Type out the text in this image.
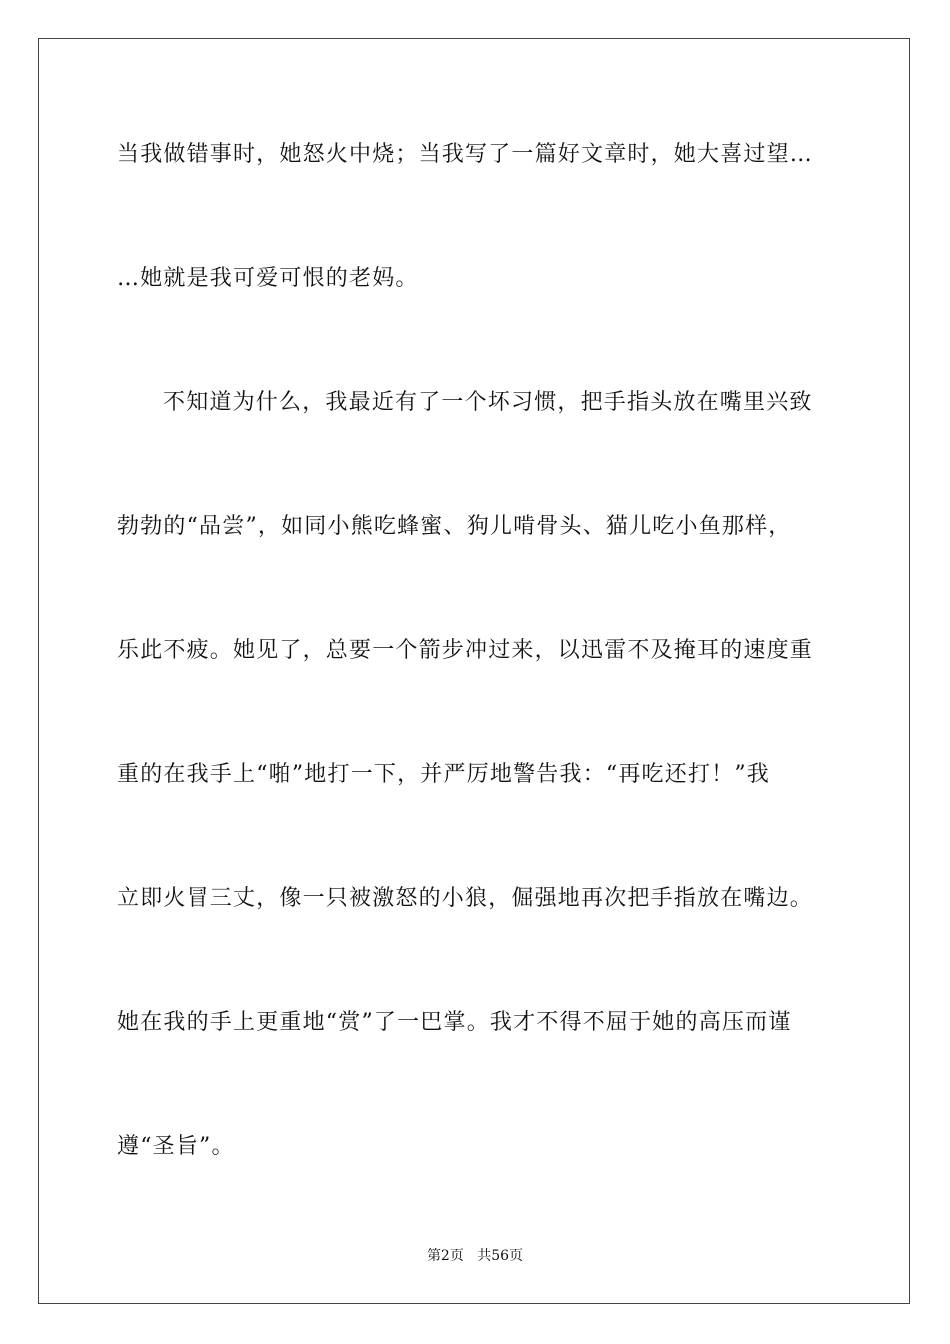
当我做错事时，她怒火中烧；当我写了一篇好文章时，她大喜过望…
…她就是我可爱可恨的老妈。
不知道为什么，我最近有了一个坏习惯，把手指头放在嘴里兴致
勃勃的“品尝”，如同小熊吃蜂蜜、狗儿啃骨头、猫儿吃小鱼那样，
乐此不疲。她见了，总要一个箭步冲过来，以迅雷不及掩耳的速度重
重的在我手上“啪”地打一下，并严厉地警告我：“再吃还打！”我
立即火冒三丈，像一只被激怒的小狼，倔强地再次把手指放在嘴边。
她在我的手上更重地“赏”了一巴掌。我才不得不屈于她的高压而谨
遵“圣旨”。
第2页 共56页
